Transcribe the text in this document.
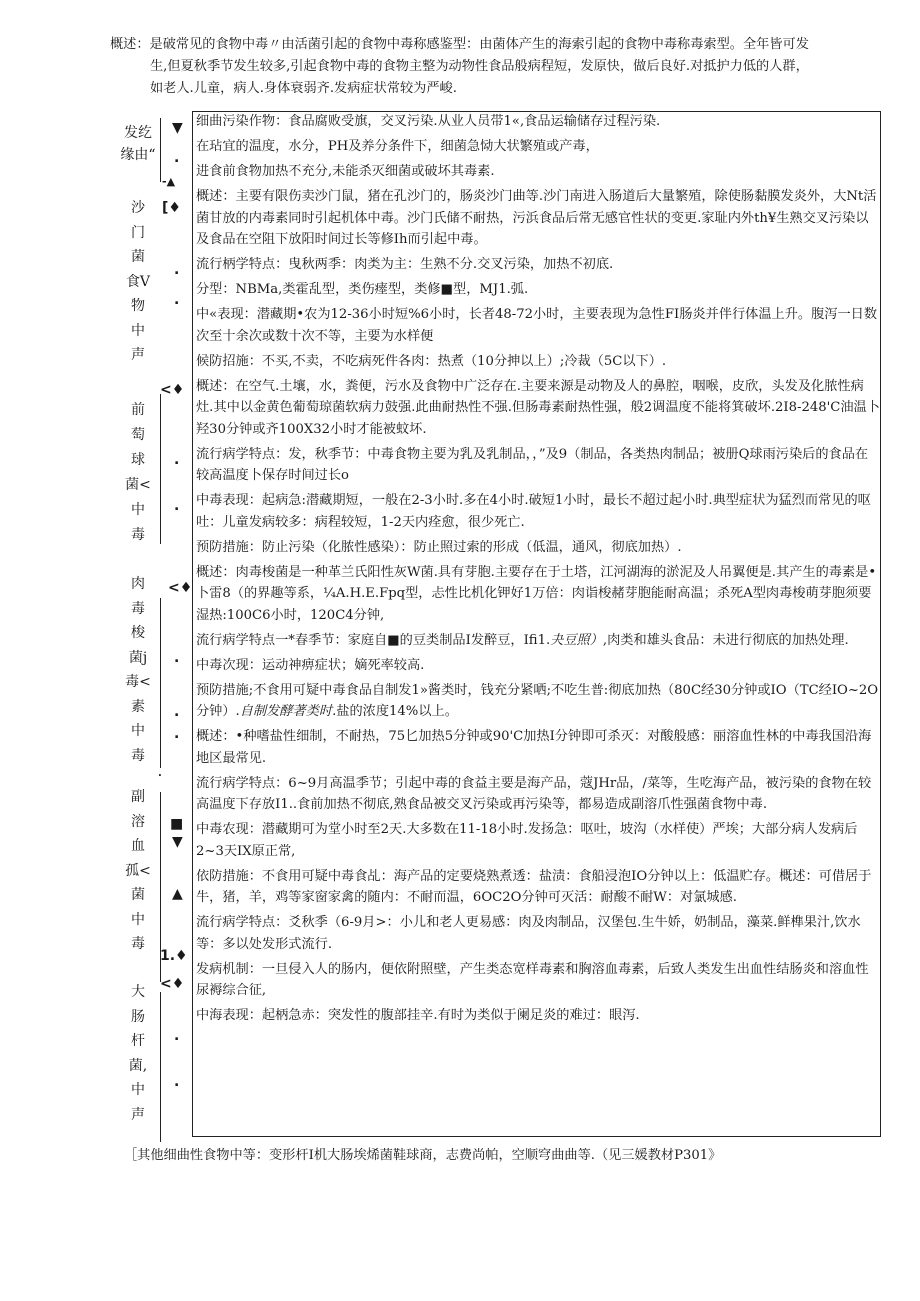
概述：是破常见的食物中毒〃由活菌引起的食物中毒称感鉴型：由菌体产生的海索引起的食物中毒称毒索型。全年皆可发
生,但夏秋季节发生较多,引起食物中毒的食物主整为动物性食品般病程短，发原快，做后良好.对抵护力低的人群，
如老人.儿童，病人.身体衰弱齐.发病症状常较为严峻.
发纥
缘由“
沙
门
菌
食V
物
中
声
前
萄
球
菌<
中
毒
肉
毒
梭
菌j
毒<
素
中
毒
副
溶
血
孤<
菌
中
毒
大
肠
杆
菌,
中
声
▼
.
-▲
[♦
.
.
<♦
.
.
<♦
.
.
.
.
■
▼
▲
1.♦
<♦
.
.

细曲污染作物：食品腐败受旗，交叉污染.从业人员带1«,食品运输储存过程污染.

在玷宜的温度，水分，PH及养分条件下，细菌急恸大状繁殖或产毒，

进食前食物加热不充分,未能杀灭细菌或破坏其毒素.

概述：主要有限伤卖沙门鼠，猪在孔沙门的，肠炎沙门曲等.沙门南进入肠道后大量繁殖，除使肠黏膜发炎外，大Nt活菌甘放的内毒素同时引起机体中毒。沙门氏储不耐热，污浜食品后常无感官性状的变更.家耻内外th¥生熟交叉污染以及食品在空阻下放阳时间过长等修Ih而引起中毒。

流行柄学特点：曳秋两季：肉类为主：生熟不分.交叉污染，加热不初底.

分型：NBMa,类霍乱型，类伤瘗型，类修■型，MJ1.弧.

中«表现：潜藏期•农为12-36小时短%6小时，长者48-72小时，主要表现为急性FI肠炎并伴行体温上升。腹泻一日数次至十余次或数十次不等，主要为水样便

候防招施：不买,不卖，不吃病死件各肉：热煮（10分抻以上）;冷裁（5C以下）.

概述：在空气.土壤，水，粪便，污水及食物中广泛存在.主要来源是动物及人的鼻腔，咽喉，皮欣，头发及化脓性病灶.其中以金黄色葡萄琼菌软病力鼓强.此曲耐热性不强.但肠毒素耐热性强，般2调温度不能将箕破坏.2I8-248'C油温卜羟30分钟或齐100X32小时才能被蚊坏.

流行病学特点：发，秋季节：中毒食物主要为乳及乳制品，，”及9（制品，各类热肉制品；被册Q球雨污染后的食品在较高温度卜保存时间过长o

中毒表现：起病急:潜藏期短，一般在2-3小时.多在4小时.破短1小时，最长不超过起小时.典型症状为猛烈而常见的呕吐：儿童发病较多：病程较短，1-2天内痊愈，很少死亡.

预防措施：防止污染（化脓性感染）：防止照过索的形成（低温，通风，彻底加热）.

概述：肉毒梭菌是一种革兰氏阳性灰W菌.具有芽胞.主要存在于土塔，江河湖海的淤泥及人吊翼便是.其产生的毒素是•卜雷8（的界趣等系，¼A.H.E.Fpq型，忐性比机化钾好1万倍：肉诣梭赭芽胞能耐高温；杀死A型肉毒梭萌芽胞须要湿热:100C6小时，120C4分钟,

流行病学特点一*春季节：家庭自■的豆类制品I发醉豆，Ifi1.夬豆照）,肉类和雄头食品：未进行彻底的加热处理.

中毒次现：运动神痹症状；嫡死率较高.

预防措施;不食用可疑中毒食品自制发1»酱类时，钱充分紧哂;不吃生普:彻底加热（80C经30分钟或IO（TC经IO~2O分钟）.自制发酵著类时.盐的浓度14%以上。

概述：•种嗜盐性细制，不耐热，75匕加热5分钟或90'C加热I分钟即可杀灭：对酸般感：丽溶血性林的中毒我国沿海地区最常见.

流行病学特点：6~9月高温季节；引起中毒的食益主要是海产品，蔻JHr品，/菜等，生吃海产品，被污染的食物在较高温度下存放I1..食前加热不彻底,熟食品被交叉污染或再污染等，都易造成副溶爪性强菌食物中毒.

中毒农现：潜藏期可为堂小时至2天.大多数在11-18小时.发扬急：呕吐，坡沟（水样使）严埃；大部分病人发病后2~3天IX原正常,

依防措施：不食用可疑中毒食乩：海产品的定要烧熟煮透：盐渍：食船浸泡IO分钟以上：低温贮存。概述：可借居于牛，猪，羊，鸡等家窗家禽的随内：不耐而温，6OC2O分钟可灭活：耐酸不耐W：对氯城感.

流行病学特点：爻秋季（6-9月>：小儿和老人更易感：肉及肉制品，汉堡包.生牛娇，奶制品，藻菜.鲜榫果汁,饮水等：多以处发形式流行.

发病机制：一旦侵入人的肠内，便依附照壁，产生类态宽样毒素和胸溶血毒素，后致人类发生出血性结肠炎和溶血性尿褥综合征,

中海表现：起柄急赤：突发性的腹部挂辛.有时为类似于阑足炎的难过：眼泻.

［其他细曲性食物中等：变形杆I机大肠埃烯菌鞋球商，志费尚帕，空顺穹曲曲等.（见三媛教材P301》
